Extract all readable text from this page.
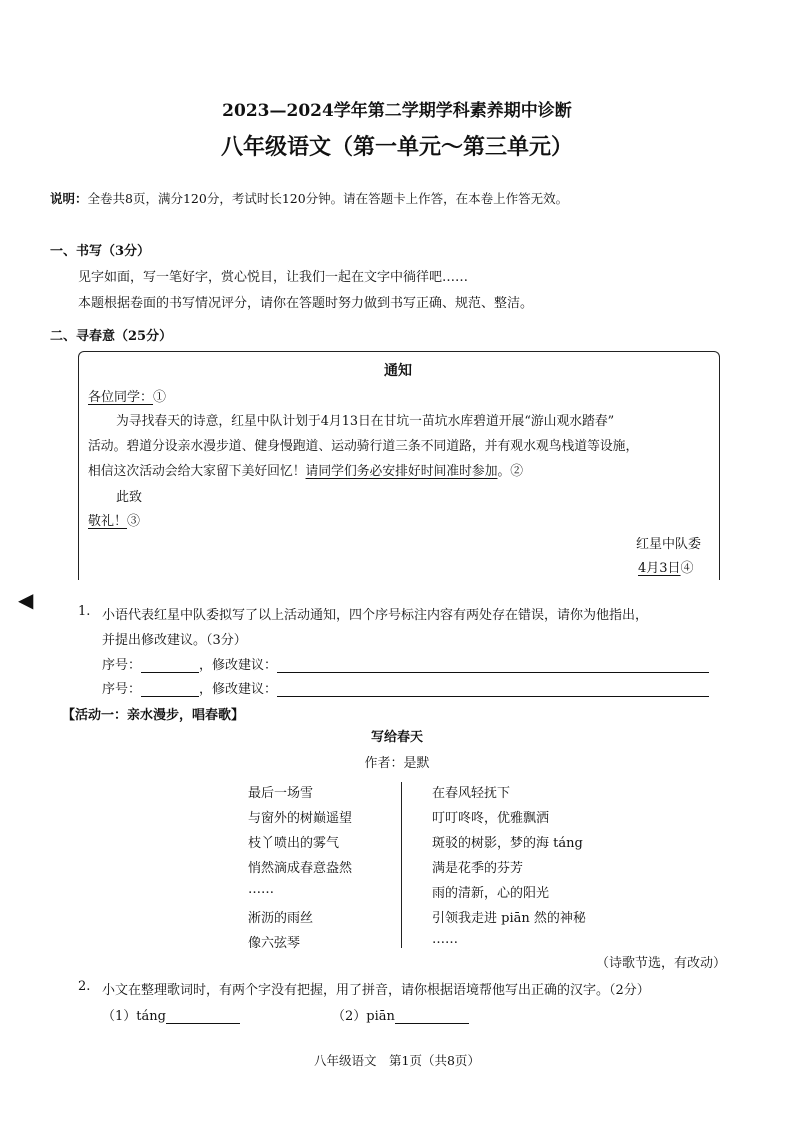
2023—2024学年第二学期学科素养期中诊断
八年级语文（第一单元～第三单元）
说明：全卷共8页，满分120分，考试时长120分钟。请在答题卡上作答，在本卷上作答无效。
一、书写（3分）
见字如面，写一笔好字，赏心悦目，让我们一起在文字中徜徉吧……
本题根据卷面的书写情况评分，请你在答题时努力做到书写正确、规范、整洁。
二、寻春意（25分）
通知
各位同学：①
为寻找春天的诗意，红星中队计划于4月13日在甘坑一苗坑水库碧道开展“游山观水踏春”
活动。碧道分设亲水漫步道、健身慢跑道、运动骑行道三条不同道路，并有观水观鸟栈道等设施，
相信这次活动会给大家留下美好回忆！请同学们务必安排好时间准时参加。②
此致
敬礼！③
红星中队委
4月3日④
◀	1. 小语代表红星中队委拟写了以上活动通知，四个序号标注内容有两处存在错误，请你为他指出，
并提出修改建议。（3分）
序号：	，修改建议：
序号：	，修改建议：
【活动一：亲水漫步，唱春歌】
写给春天
作者：是默
最后一场雪
与窗外的树巅遥望
枝丫喷出的雾气
悄然滴成春意盎然
……
淅沥的雨丝
像六弦琴
在春风轻抚下
叮叮咚咚，优雅飘洒
斑驳的树影，梦的海 táng
满是花季的芬芳
雨的清新，心的阳光
引领我走进 piān 然的神秘
……
（诗歌节选，有改动）
2. 小文在整理歌词时，有两个字没有把握，用了拼音，请你根据语境帮他写出正确的汉字。（2分）
（1）táng	（2）piān
八年级语文　第1页（共8页）
